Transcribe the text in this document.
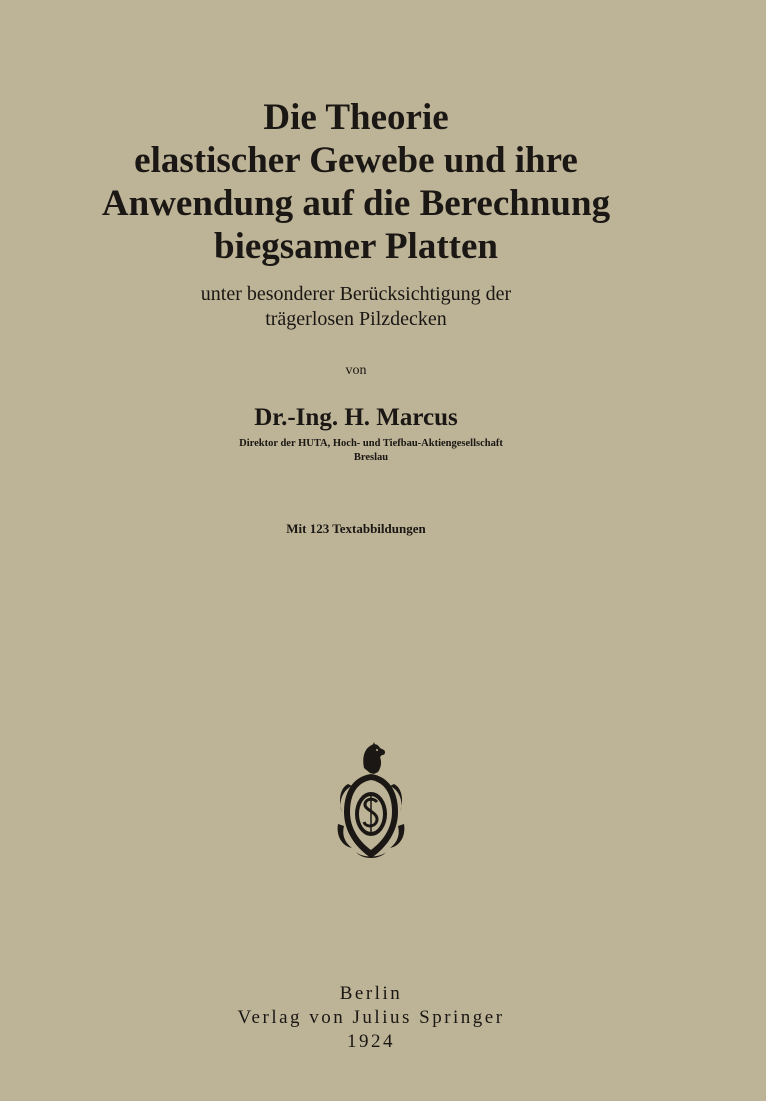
Die Theorie
elastischer Gewebe und ihre
Anwendung auf die Berechnung
biegsamer Platten
unter besonderer Berücksichtigung der
trägerlosen Pilzdecken
von
Dr.-Ing. H. Marcus
Direktor der HUTA, Hoch- und Tiefbau-Aktiengesellschaft
Breslau
Mit 123 Textabbildungen
Berlin
Verlag von Julius Springer
1924
